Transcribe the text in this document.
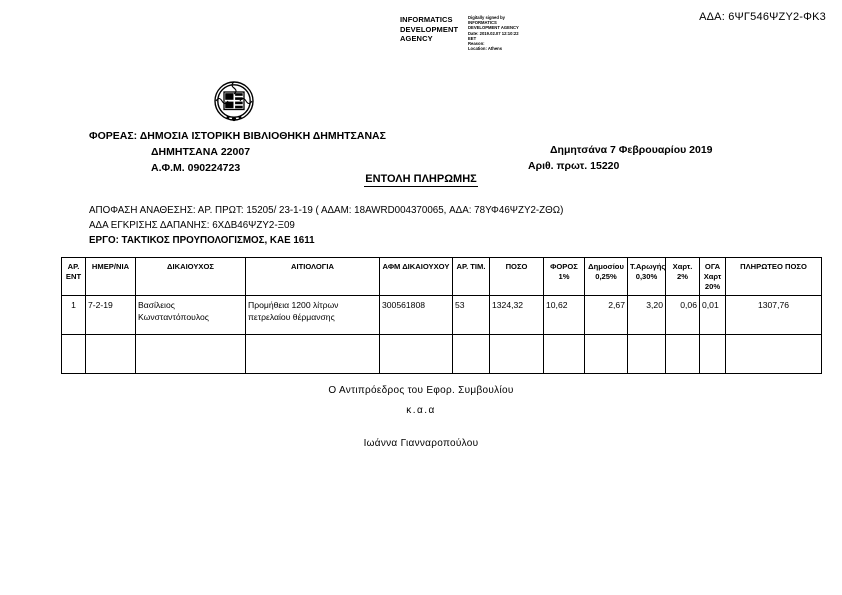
ΑΔΑ: 6ΨΓ546ΨΖΥ2-ΦΚ3
INFORMATICS DEVELOPMENT AGENCY
Digitally signed by
INFORMATICS
DEVELOPMENT AGENCY
Date: 2019.02.07 12:10:22
EET
Reason:
Location: Athens
ΦΟΡΕΑΣ: ΔΗΜΟΣΙΑ ΙΣΤΟΡΙΚΗ ΒΙΒΛΙΟΘΗΚΗ ΔΗΜΗΤΣΑΝΑΣ
ΔΗΜΗΤΣΑΝΑ 22007
Α.Φ.Μ. 090224723
Δημητσάνα 7 Φεβρουαρίου 2019
Αριθ. πρωτ. 15220
ΕΝΤΟΛΗ ΠΛΗΡΩΜΗΣ
ΑΠΟΦΑΣΗ ΑΝΑΘΕΣΗΣ: ΑΡ. ΠΡΩΤ: 15205/ 23-1-19 ( ΑΔΑΜ: 18AWRD004370065, ΑΔΑ: 78ΥΦ46ΨΖΥ2-ΖΘΩ)
ΑΔΑ ΕΓΚΡΙΣΗΣ ΔΑΠΑΝΗΣ: 6ΧΔΒ46ΨΖΥ2-Ξ09
ΕΡΓΟ: ΤΑΚΤΙΚΟΣ ΠΡΟΥΠΟΛΟΓΙΣΜΟΣ, ΚΑΕ 1611
ΑΡ. ΕΝΤ	ΗΜΕΡ/ΝΙΑ	ΔΙΚΑΙΟΥΧΟΣ	ΑΙΤΙΟΛΟΓΙΑ	ΑΦΜ ΔΙΚΑΙΟΥΧΟΥ	ΑΡ. ΤΙΜ.	ΠΟΣΟ	ΦΟΡΟΣ 1%	Δημοσίου 0,25%	Τ.Αρωγής 0,30%	Χαρτ. 2%	ΟΓΑ Χαρτ 20%	ΠΛΗΡΩΤΕΟ ΠΟΣΟ
1	7-2-19	Βασίλειος
Κωνσταντόπουλος	Προμήθεια 1200 λίτρων
πετρελαίου θέρμανσης	300561808	53	1324,32	10,62	2,67	3,20	0,06	0,01	1307,76

Ο Αντιπρόεδρος του Εφορ. Συμβουλίου
κ.α.α
Ιωάννα Γιανναροπούλου
